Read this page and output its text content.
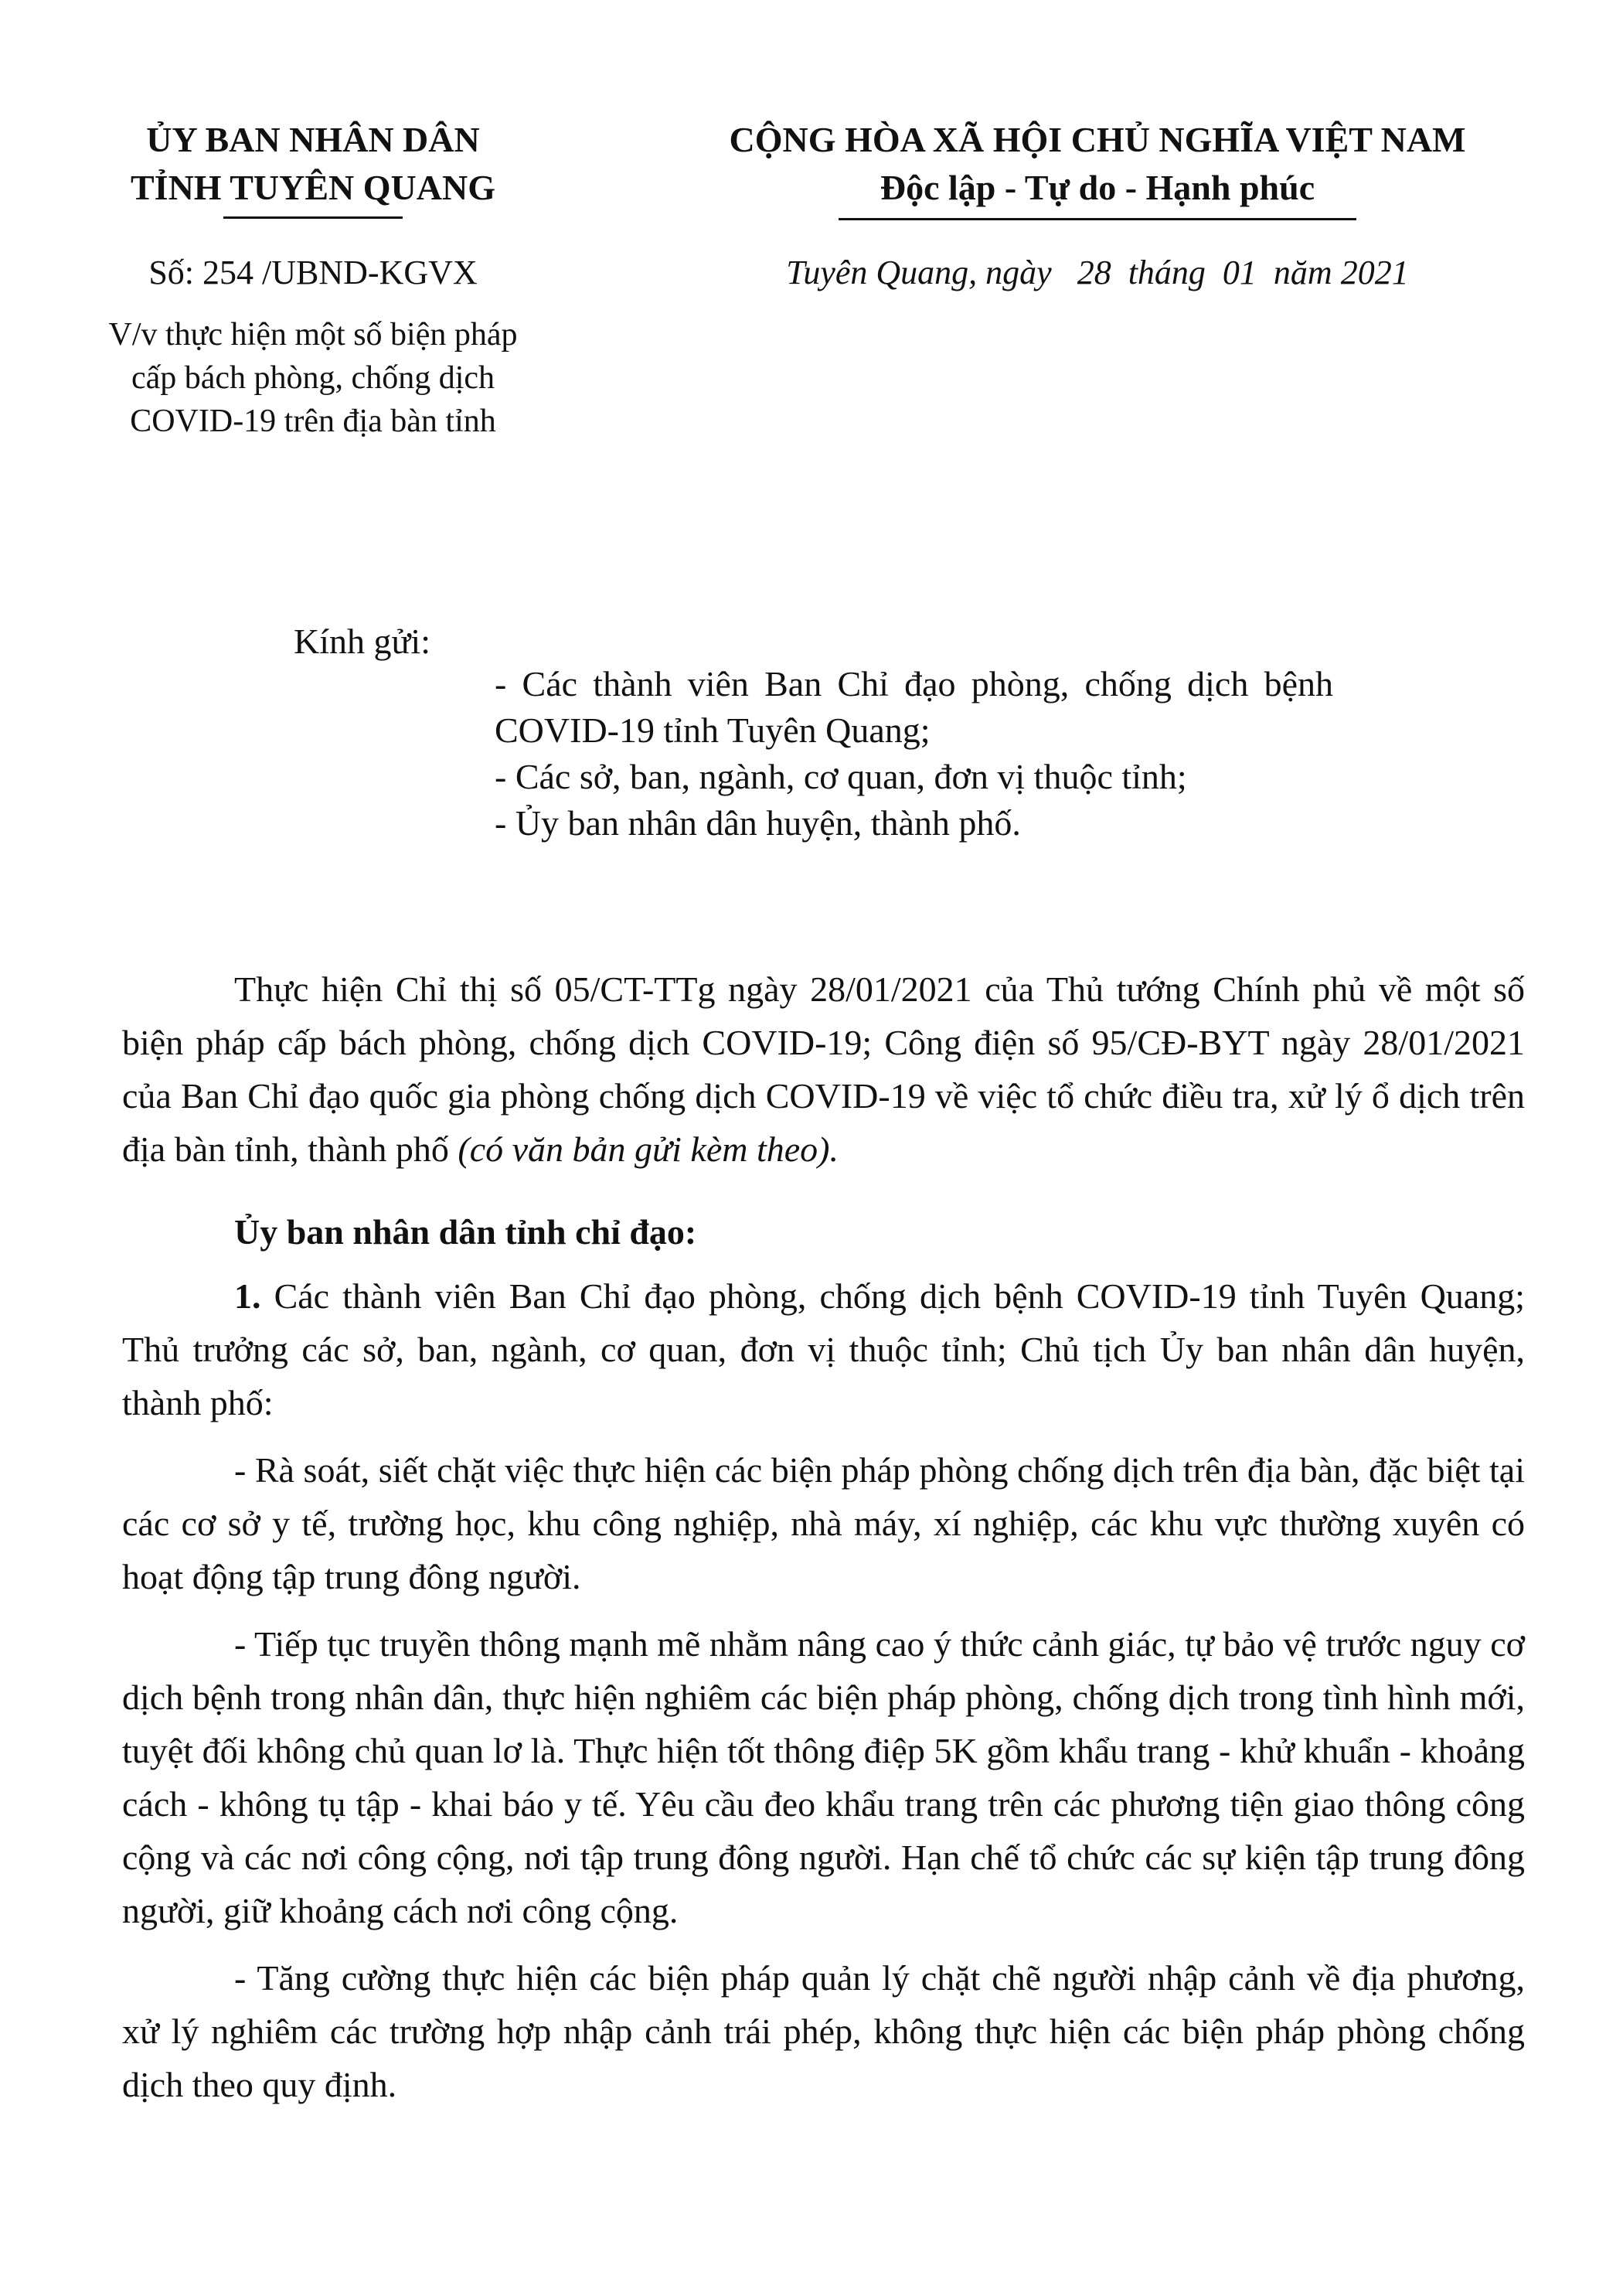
ỦY BAN NHÂN DÂN
TỈNH TUYÊN QUANG
CỘNG HÒA XÃ HỘI CHỦ NGHĨA VIỆT NAM
Độc lập - Tự do - Hạnh phúc
Số: 254 /UBND-KGVX	Tuyên Quang, ngày   28  tháng  01  năm 2021
V/v thực hiện một số biện pháp
cấp bách phòng, chống dịch
COVID-19 trên địa bàn tỉnh
Kính gửi:
- Các thành viên Ban Chỉ đạo phòng, chống dịch bệnh COVID-19 tỉnh Tuyên Quang;
- Các sở, ban, ngành, cơ quan, đơn vị thuộc tỉnh;
- Ủy ban nhân dân huyện, thành phố.

Thực hiện Chỉ thị số 05/CT-TTg ngày 28/01/2021 của Thủ tướng Chính phủ về một số biện pháp cấp bách phòng, chống dịch COVID-19; Công điện số 95/CĐ-BYT ngày 28/01/2021 của Ban Chỉ đạo quốc gia phòng chống dịch COVID-19 về việc tổ chức điều tra, xử lý ổ dịch trên địa bàn tỉnh, thành phố (có văn bản gửi kèm theo).

Ủy ban nhân dân tỉnh chỉ đạo:

1. Các thành viên Ban Chỉ đạo phòng, chống dịch bệnh COVID-19 tỉnh Tuyên Quang; Thủ trưởng các sở, ban, ngành, cơ quan, đơn vị thuộc tỉnh; Chủ tịch Ủy ban nhân dân huyện, thành phố:

- Rà soát, siết chặt việc thực hiện các biện pháp phòng chống dịch trên địa bàn, đặc biệt tại các cơ sở y tế, trường học, khu công nghiệp, nhà máy, xí nghiệp, các khu vực thường xuyên có hoạt động tập trung đông người.

- Tiếp tục truyền thông mạnh mẽ nhằm nâng cao ý thức cảnh giác, tự bảo vệ trước nguy cơ dịch bệnh trong nhân dân, thực hiện nghiêm các biện pháp phòng, chống dịch trong tình hình mới, tuyệt đối không chủ quan lơ là. Thực hiện tốt thông điệp 5K gồm khẩu trang - khử khuẩn - khoảng cách - không tụ tập - khai báo y tế. Yêu cầu đeo khẩu trang trên các phương tiện giao thông công cộng và các nơi công cộng, nơi tập trung đông người. Hạn chế tổ chức các sự kiện tập trung đông người, giữ khoảng cách nơi công cộng.

- Tăng cường thực hiện các biện pháp quản lý chặt chẽ người nhập cảnh về địa phương, xử lý nghiêm các trường hợp nhập cảnh trái phép, không thực hiện các biện pháp phòng chống dịch theo quy định.
